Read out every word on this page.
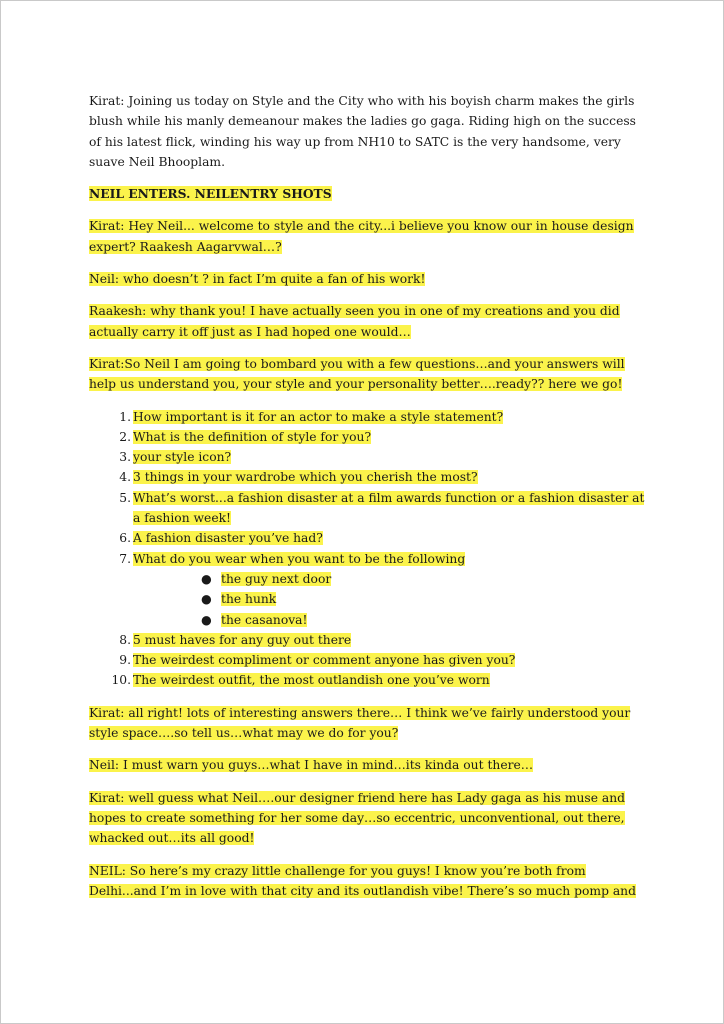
Kirat: Joining us today on Style and the City who with his boyish charm makes the girls blush while his manly demeanour makes the ladies go gaga. Riding high on the success of his latest flick, winding his way up from NH10 to SATC is the very handsome, very suave Neil Bhooplam.

NEIL ENTERS. NEILENTRY SHOTS

Kirat: Hey Neil... welcome to style and the city...i believe you know our in house design expert? Raakesh Aagarvwal…?

Neil: who doesn’t ? in fact I’m quite a fan of his work!

Raakesh: why thank you! I have actually seen you in one of my creations and you did actually carry it off just as I had hoped one would…

Kirat:So Neil I am going to bombard you with a few questions…and your answers will help us understand you, your style and your personality better….ready?? here we go!

1. How important is it for an actor to make a style statement?
2. What is the definition of style for you?
3. your style icon?
4. 3 things in your wardrobe which you cherish the most?
5. What’s worst...a fashion disaster at a film awards function or a fashion disaster at a fashion week!
6. A fashion disaster you’ve had?
7. What do you wear when you want to be the following
● the guy next door
● the hunk
● the casanova!
8. 5 must haves for any guy out there
9. The weirdest compliment or comment anyone has given you?
10. The weirdest outfit, the most outlandish one you’ve worn

Kirat: all right! lots of interesting answers there… I think we’ve fairly understood your style space….so tell us…what may we do for you?

Neil: I must warn you guys…what I have in mind…its kinda out there…

Kirat: well guess what Neil….our designer friend here has Lady gaga as his muse and hopes to create something for her some day…so eccentric, unconventional, out there, whacked out…its all good!

NEIL: So here’s my crazy little challenge for you guys! I know you’re both from Delhi...and I’m in love with that city and its outlandish vibe! There’s so much pomp and
